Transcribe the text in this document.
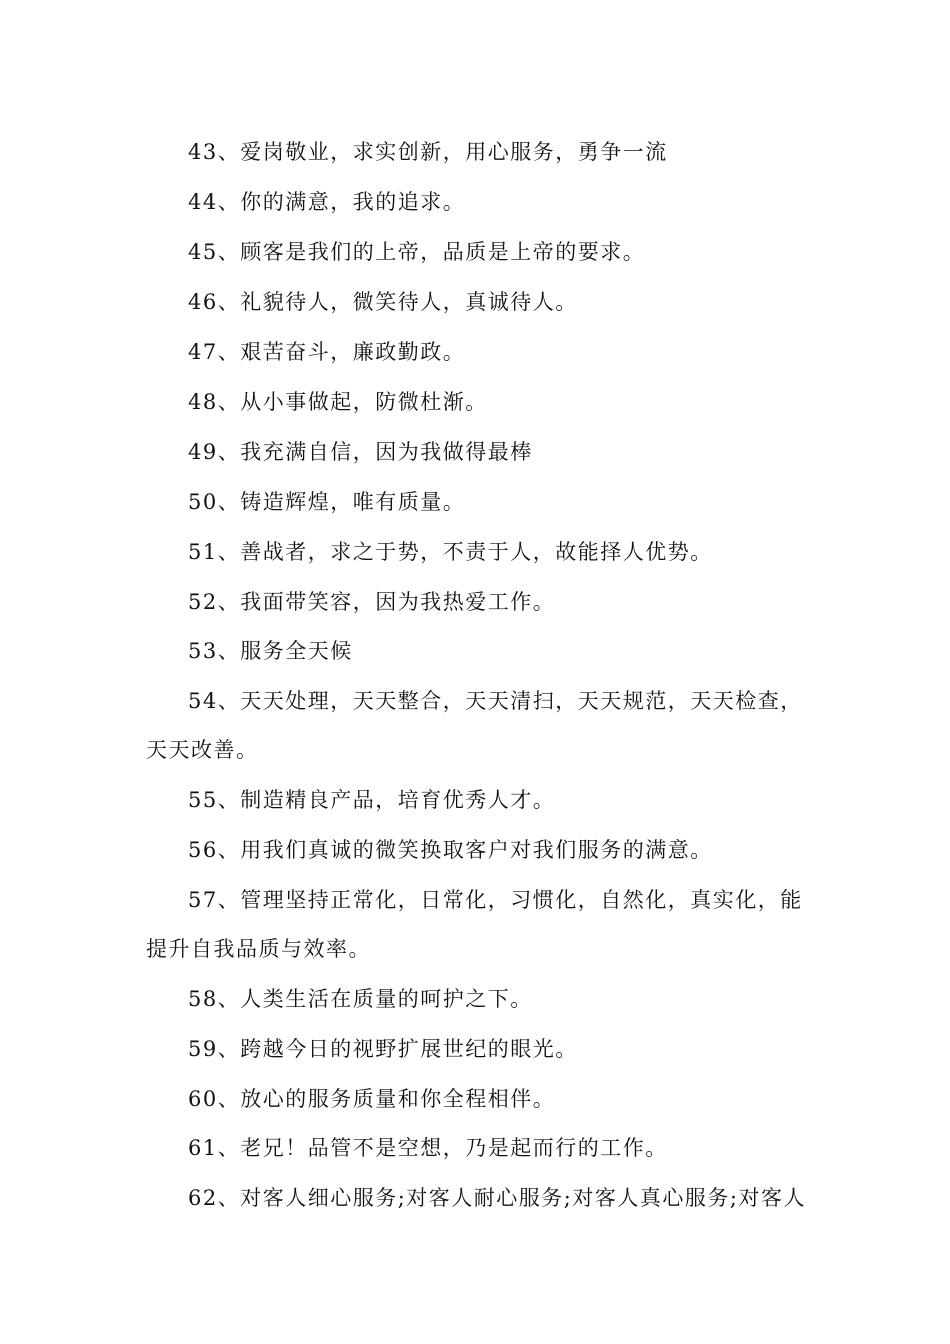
43、爱岗敬业，求实创新，用心服务，勇争一流
44、你的满意，我的追求。
45、顾客是我们的上帝，品质是上帝的要求。
46、礼貌待人，微笑待人，真诚待人。
47、艰苦奋斗，廉政勤政。
48、从小事做起，防微杜渐。
49、我充满自信，因为我做得最棒
50、铸造辉煌，唯有质量。
51、善战者，求之于势，不责于人，故能择人优势。
52、我面带笑容，因为我热爱工作。
53、服务全天候
54、天天处理，天天整合，天天清扫，天天规范，天天检查，
天天改善。
55、制造精良产品，培育优秀人才。
56、用我们真诚的微笑换取客户对我们服务的满意。
57、管理坚持正常化，日常化，习惯化，自然化，真实化，能
提升自我品质与效率。
58、人类生活在质量的呵护之下。
59、跨越今日的视野扩展世纪的眼光。
60、放心的服务质量和你全程相伴。
61、老兄！品管不是空想，乃是起而行的工作。
62、对客人细心服务;对客人耐心服务;对客人真心服务;对客人
